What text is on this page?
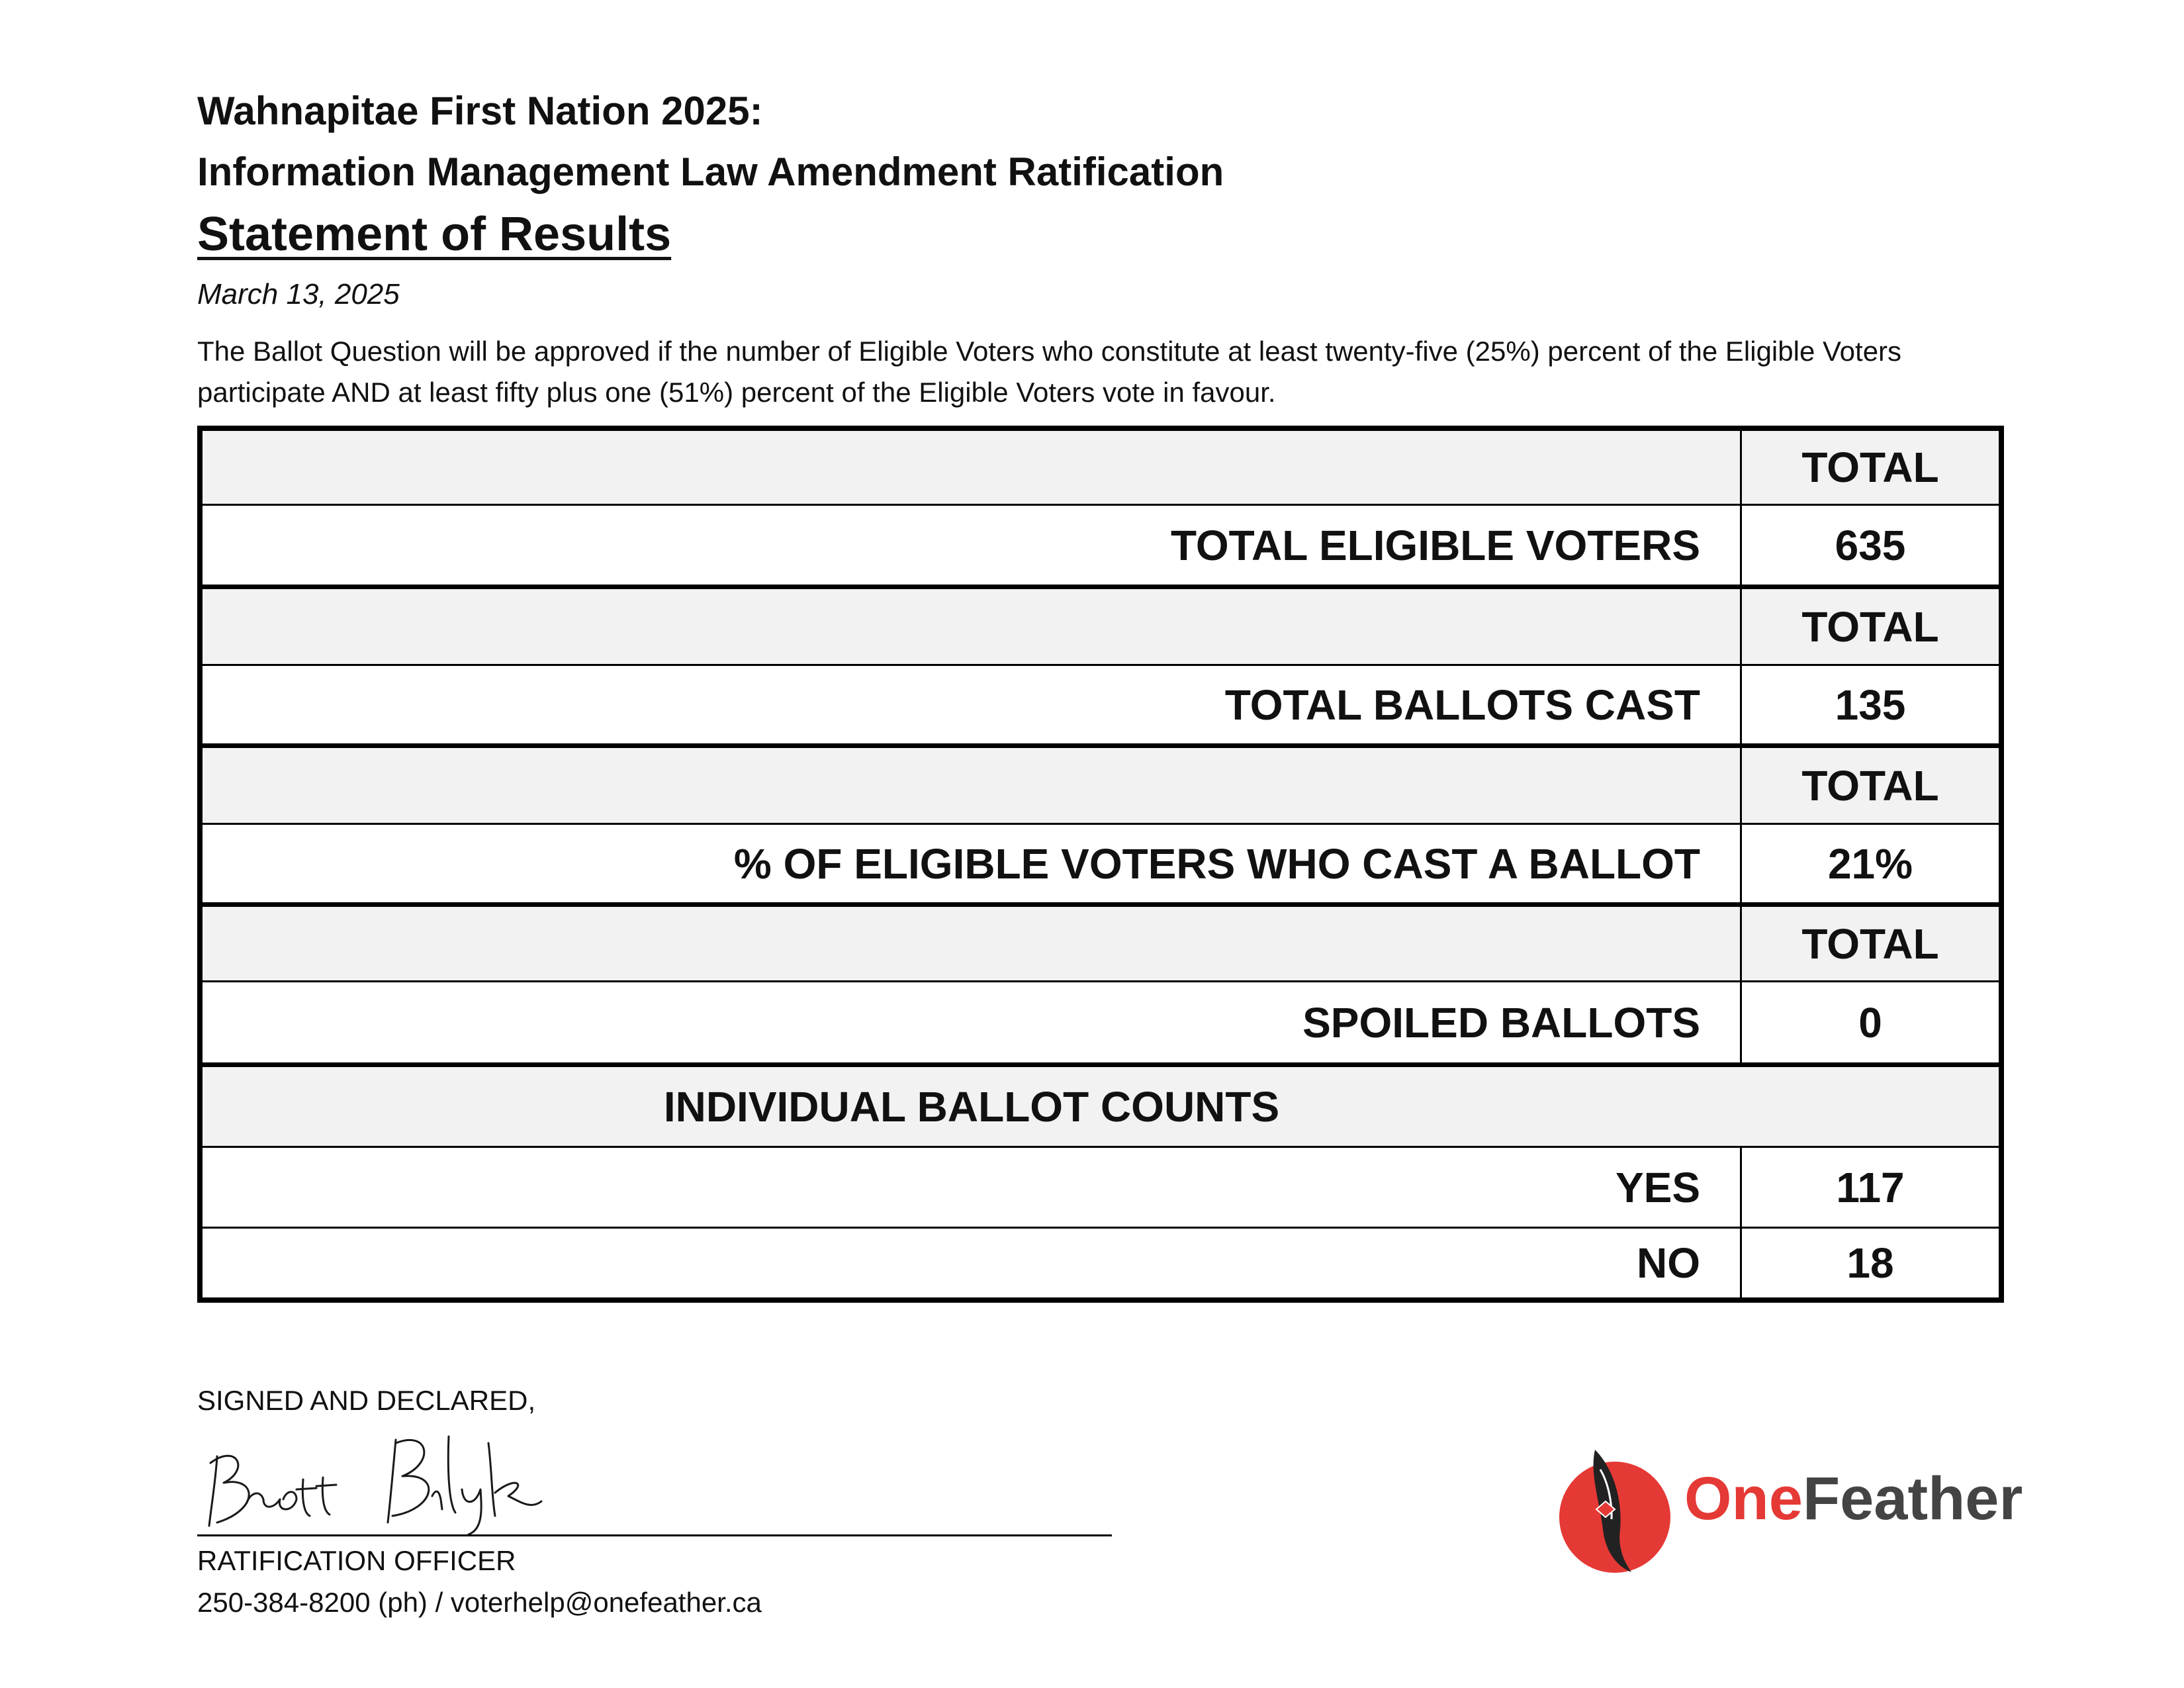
Wahnapitae First Nation 2025:
Information Management Law Amendment Ratification
Statement of Results
March 13, 2025
The Ballot Question will be approved if the number of Eligible Voters who constitute at least twenty-five (25%) percent of the Eligible Voters participate AND at least fifty plus one (51%) percent of the Eligible Voters vote in favour.
TOTAL
TOTAL ELIGIBLE VOTERS	635
TOTAL
TOTAL BALLOTS CAST	135
TOTAL
% OF ELIGIBLE VOTERS WHO CAST A BALLOT	21%
TOTAL
SPOILED BALLOTS	0
INDIVIDUAL BALLOT COUNTS
YES	117
NO	18
SIGNED AND DECLARED,
RATIFICATION OFFICER
250-384-8200 (ph) / voterhelp@onefeather.ca
OneFeather
